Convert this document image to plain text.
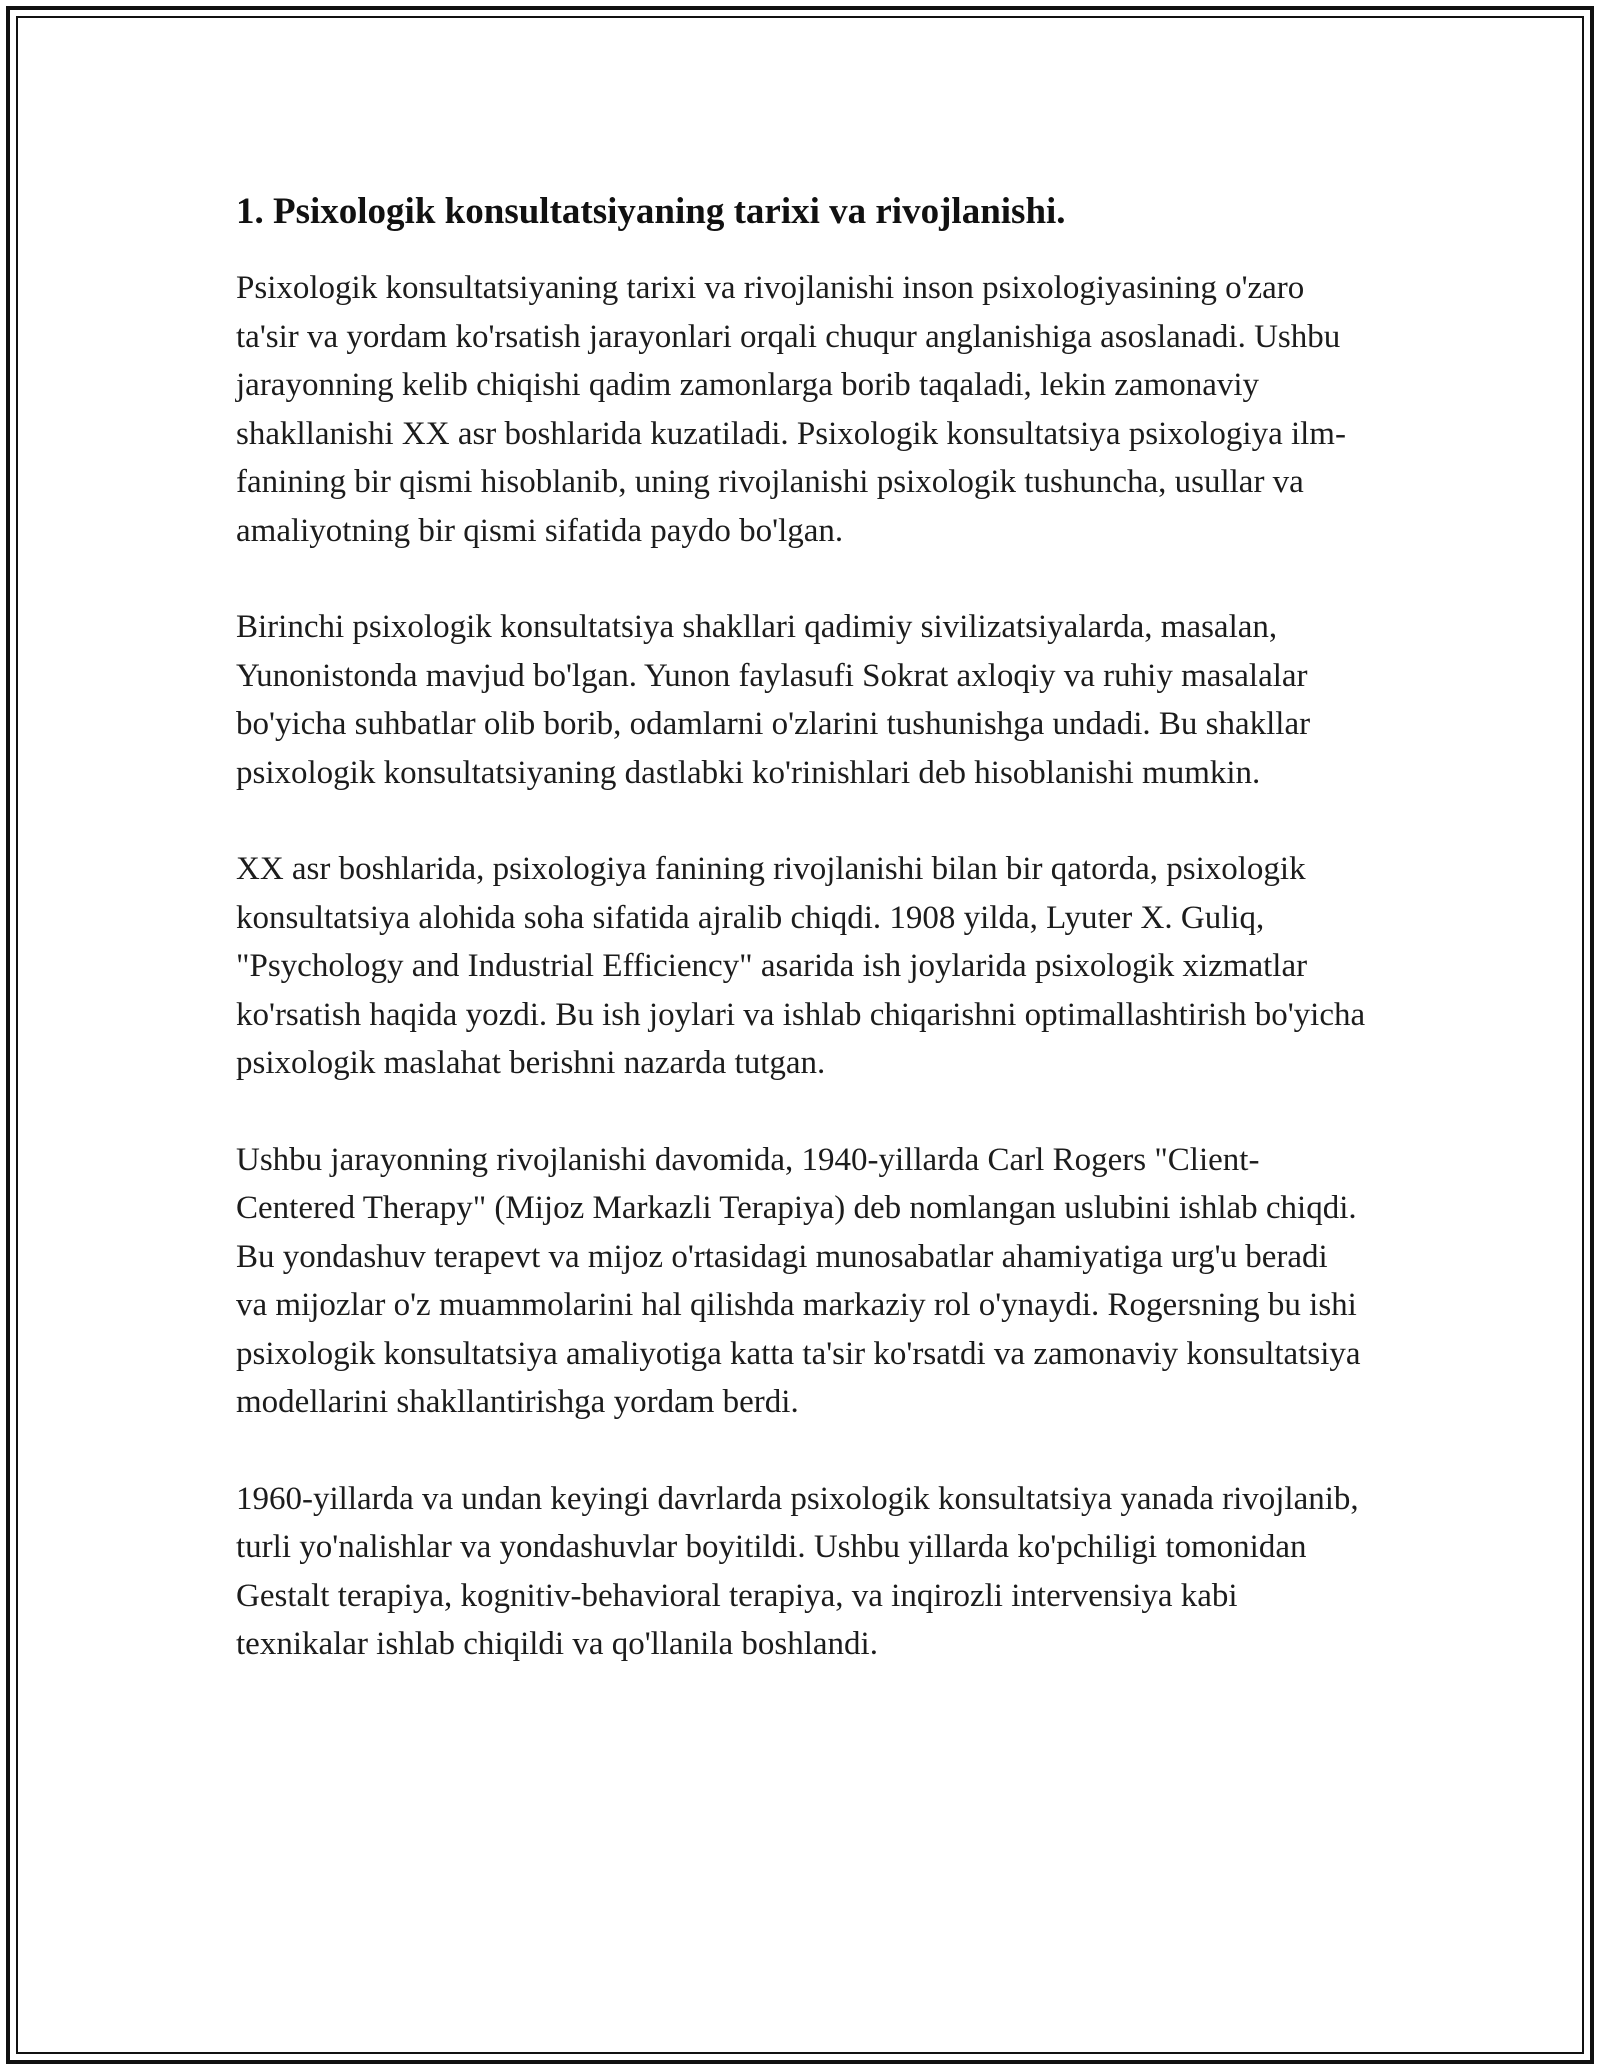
1. Psixologik konsultatsiyaning tarixi va rivojlanishi.

Psixologik konsultatsiyaning tarixi va rivojlanishi inson psixologiyasining o'zaro ta'sir va yordam ko'rsatish jarayonlari orqali chuqur anglanishiga asoslanadi. Ushbu jarayonning kelib chiqishi qadim zamonlarga borib taqaladi, lekin zamonaviy shakllanishi XX asr boshlarida kuzatiladi. Psixologik konsultatsiya psixologiya ilm-fanining bir qismi hisoblanib, uning rivojlanishi psixologik tushuncha, usullar va amaliyotning bir qismi sifatida paydo bo'lgan.

Birinchi psixologik konsultatsiya shakllari qadimiy sivilizatsiyalarda, masalan, Yunonistonda mavjud bo'lgan. Yunon faylasufi Sokrat axloqiy va ruhiy masalalar bo'yicha suhbatlar olib borib, odamlarni o'zlarini tushunishga undadi. Bu shakllar psixologik konsultatsiyaning dastlabki ko'rinishlari deb hisoblanishi mumkin.

XX asr boshlarida, psixologiya fanining rivojlanishi bilan bir qatorda, psixologik konsultatsiya alohida soha sifatida ajralib chiqdi. 1908 yilda, Lyuter X. Guliq, "Psychology and Industrial Efficiency" asarida ish joylarida psixologik xizmatlar ko'rsatish haqida yozdi. Bu ish joylari va ishlab chiqarishni optimallashtirish bo'yicha psixologik maslahat berishni nazarda tutgan.

Ushbu jarayonning rivojlanishi davomida, 1940-yillarda Carl Rogers "Client-Centered Therapy" (Mijoz Markazli Terapiya) deb nomlangan uslubini ishlab chiqdi. Bu yondashuv terapevt va mijoz o'rtasidagi munosabatlar ahamiyatiga urg'u beradi va mijozlar o'z muammolarini hal qilishda markaziy rol o'ynaydi. Rogersning bu ishi psixologik konsultatsiya amaliyotiga katta ta'sir ko'rsatdi va zamonaviy konsultatsiya modellarini shakllantirishga yordam berdi.

1960-yillarda va undan keyingi davrlarda psixologik konsultatsiya yanada rivojlanib, turli yo'nalishlar va yondashuvlar boyitildi. Ushbu yillarda ko'pchiligi tomonidan Gestalt terapiya, kognitiv-behavioral terapiya, va inqirozli intervensiya kabi texnikalar ishlab chiqildi va qo'llanila boshlandi.
